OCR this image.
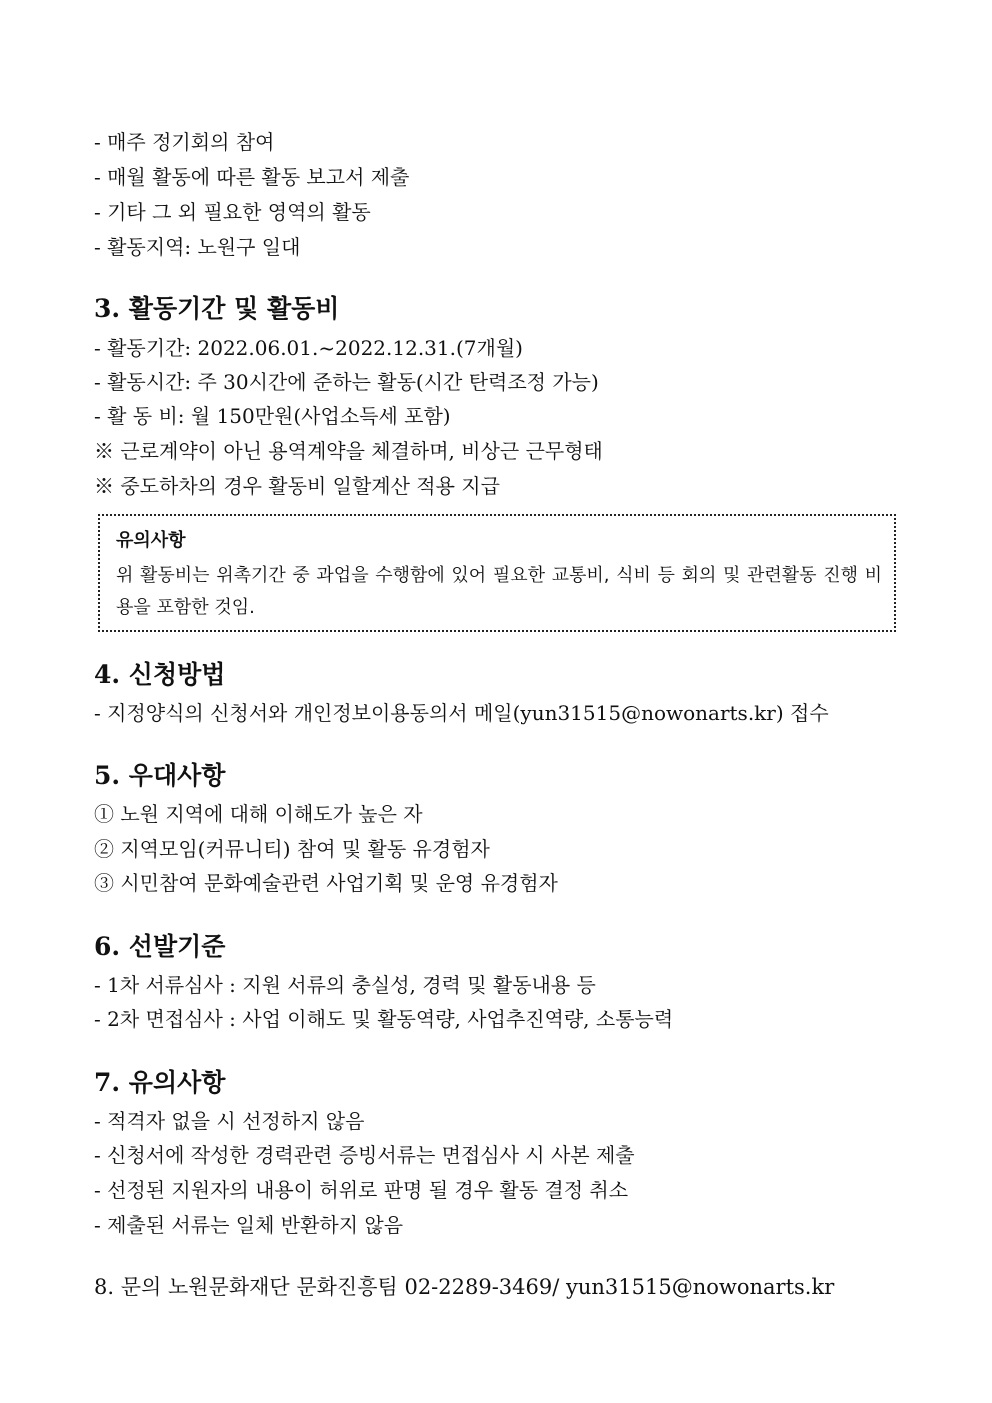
- 매주 정기회의 참여
- 매월 활동에 따른 활동 보고서 제출
- 기타 그 외 필요한 영역의 활동
- 활동지역: 노원구 일대
3. 활동기간 및 활동비
- 활동기간: 2022.06.01.~2022.12.31.(7개월)
- 활동시간: 주 30시간에 준하는 활동(시간 탄력조정 가능)
- 활 동 비: 월 150만원(사업소득세 포함)
※ 근로계약이 아닌 용역계약을 체결하며, 비상근 근무형태
※ 중도하차의 경우 활동비 일할계산 적용 지급
유의사항
위 활동비는 위촉기간 중 과업을 수행함에 있어 필요한 교통비, 식비 등 회의 및 관련활동 진행 비용을 포함한 것임.
4. 신청방법
- 지정양식의 신청서와 개인정보이용동의서 메일(yun31515@nowonarts.kr) 접수
5. 우대사항
① 노원 지역에 대해 이해도가 높은 자
② 지역모임(커뮤니티) 참여 및 활동 유경험자
③ 시민참여 문화예술관련 사업기획 및 운영 유경험자
6. 선발기준
- 1차 서류심사 : 지원 서류의 충실성, 경력 및 활동내용 등
- 2차 면접심사 : 사업 이해도 및 활동역량, 사업추진역량, 소통능력
7. 유의사항
- 적격자 없을 시 선정하지 않음
- 신청서에 작성한 경력관련 증빙서류는 면접심사 시 사본 제출
- 선정된 지원자의 내용이 허위로 판명 될 경우 활동 결정 취소
- 제출된 서류는 일체 반환하지 않음
8. 문의 노원문화재단 문화진흥팀 02-2289-3469/ yun31515@nowonarts.kr
